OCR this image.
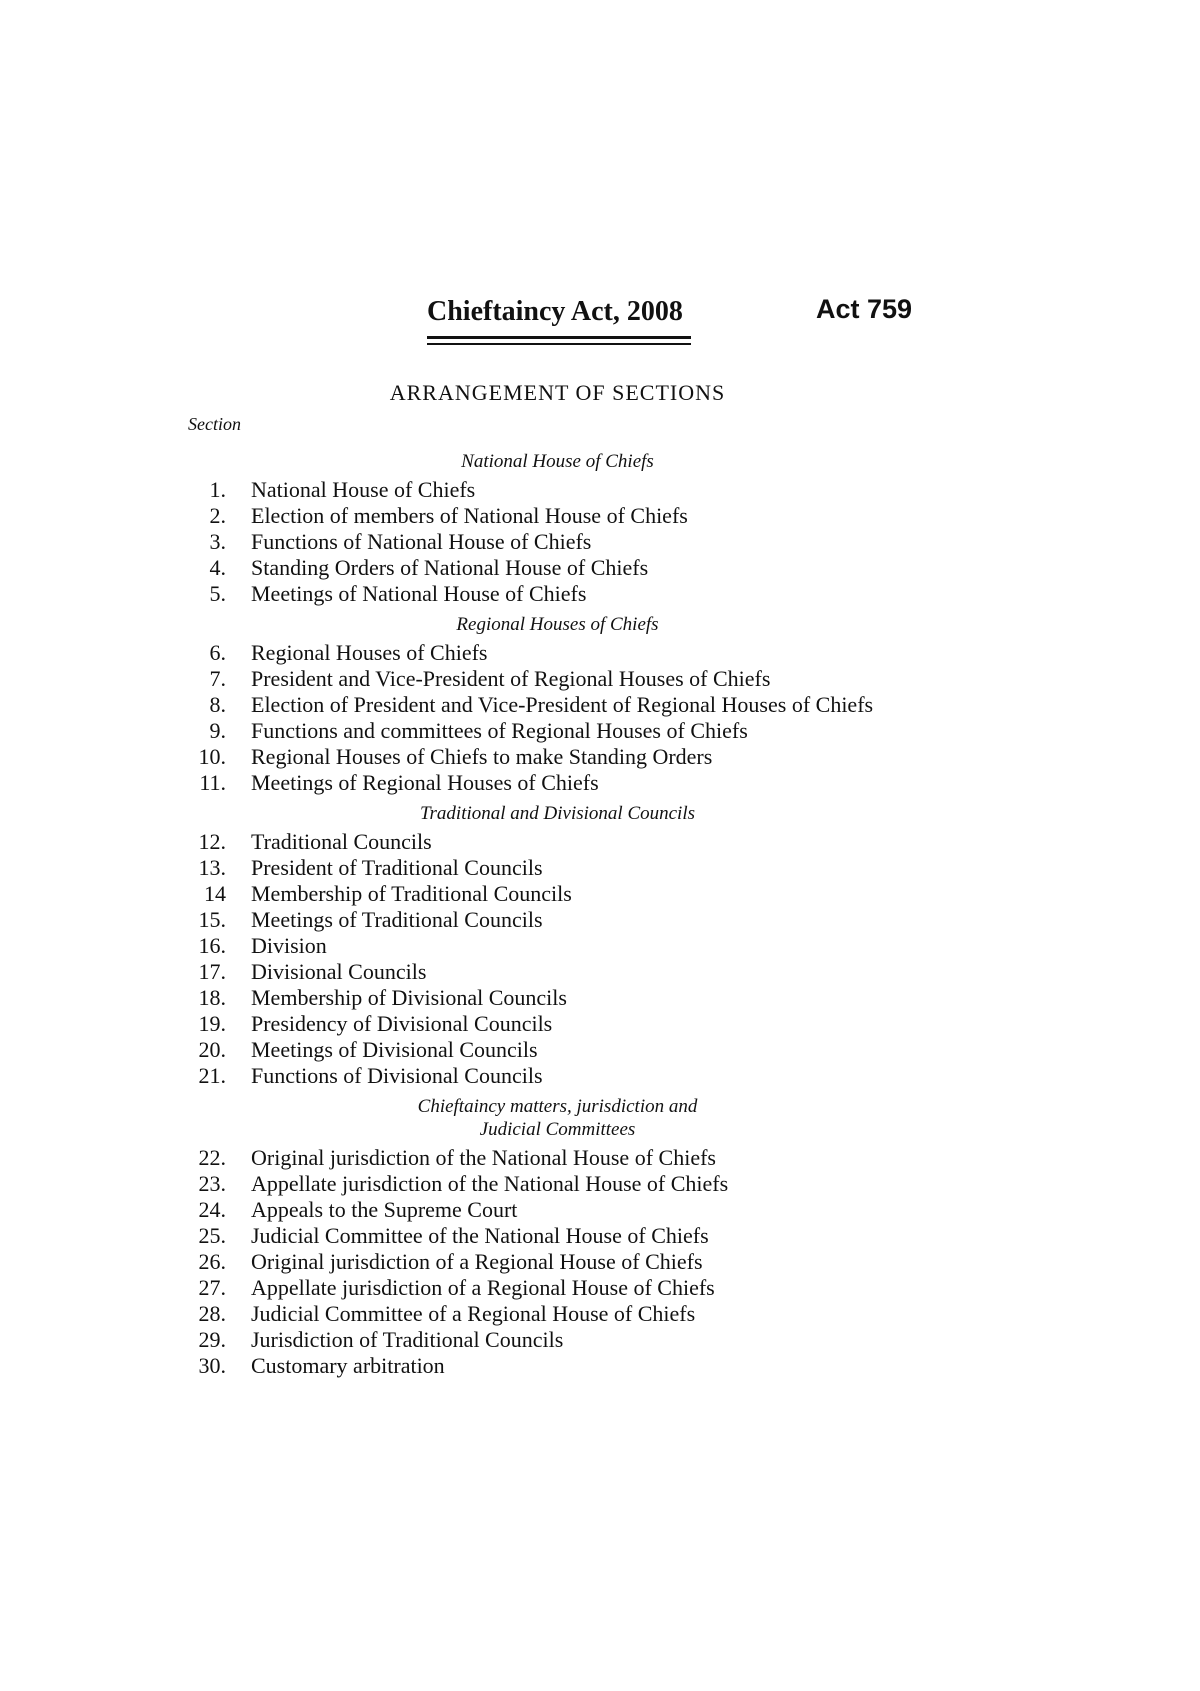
Chieftaincy Act, 2008	Act 759
ARRANGEMENT OF SECTIONS
Section
National House of Chiefs
1. National House of Chiefs
2. Election of members of National House of Chiefs
3. Functions of National House of Chiefs
4. Standing Orders of National House of Chiefs
5. Meetings of National House of Chiefs
Regional Houses of Chiefs
6. Regional Houses of Chiefs
7. President and Vice-President of Regional Houses of Chiefs
8. Election of President and Vice-President of Regional Houses of Chiefs
9. Functions and committees of Regional Houses of Chiefs
10. Regional Houses of Chiefs to make Standing Orders
11. Meetings of Regional Houses of Chiefs
Traditional and Divisional Councils
12. Traditional Councils
13. President of Traditional Councils
14 Membership of Traditional Councils
15. Meetings of Traditional Councils
16. Division
17. Divisional Councils
18. Membership of Divisional Councils
19. Presidency of Divisional Councils
20. Meetings of Divisional Councils
21. Functions of Divisional Councils
Chieftaincy matters, jurisdiction and
Judicial Committees
22. Original jurisdiction of the National House of Chiefs
23. Appellate jurisdiction of the National House of Chiefs
24. Appeals to the Supreme Court
25. Judicial Committee of the National House of Chiefs
26. Original jurisdiction of a Regional House of Chiefs
27. Appellate jurisdiction of a Regional House of Chiefs
28. Judicial Committee of a Regional House of Chiefs
29. Jurisdiction of Traditional Councils
30. Customary arbitration
